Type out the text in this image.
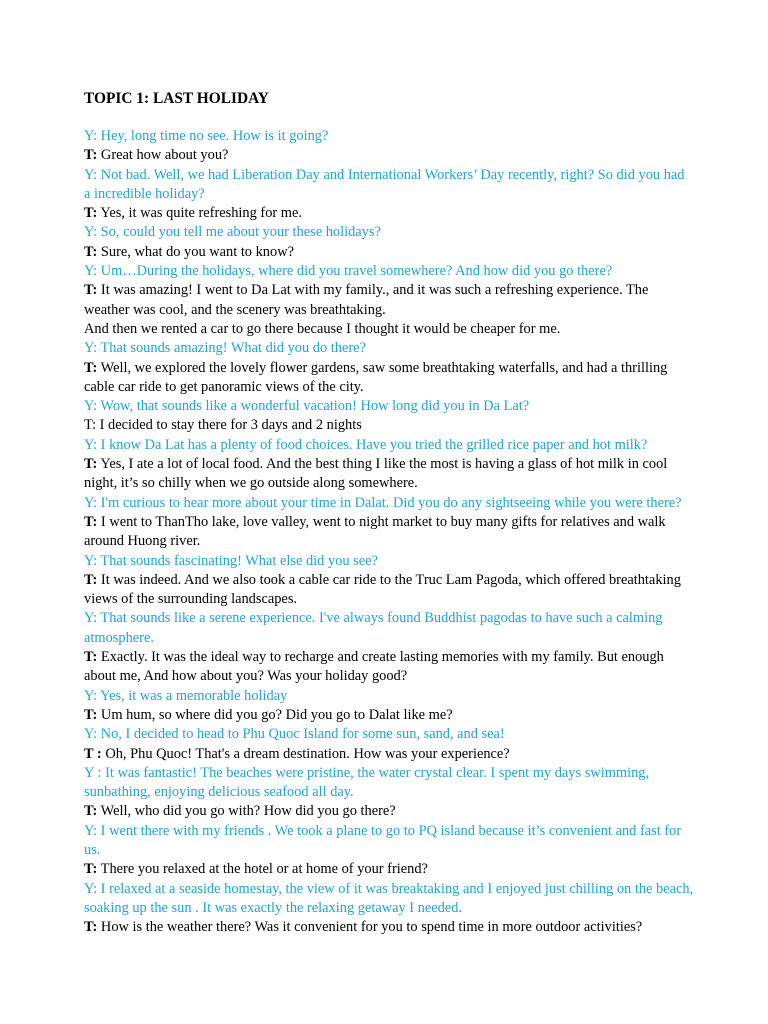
TOPIC 1: LAST HOLIDAY

Y: Hey, long time no see. How is it going?

T: Great how about you?

Y: Not bad. Well, we had Liberation Day and International Workers’ Day recently, right? So did you had a incredible holiday?

T: Yes, it was quite refreshing for me.

Y: So, could you tell me about your these holidays?

T: Sure, what do you want to know?

Y: Um…During the holidays, where did you travel somewhere? And how did you go there?

T: It was amazing! I went to Da Lat with my family., and it was such a refreshing experience. The weather was cool, and the scenery was breathtaking.

And then we rented a car to go there because I thought it would be cheaper for me.

Y: That sounds amazing! What did you do there?

T: Well, we explored the lovely flower gardens, saw some breathtaking waterfalls, and had a thrilling cable car ride to get panoramic views of the city.

Y: Wow, that sounds like a wonderful vacation! How long did you in Da Lat?

T: I decided to stay there for 3 days and 2 nights

Y: I know Da Lat has a plenty of food choices. Have you tried the grilled rice paper and hot milk?

T: Yes, I ate a lot of local food. And the best thing I like the most is having a glass of hot milk in cool night, it’s so chilly when we go outside along somewhere.

Y: I'm curious to hear more about your time in Dalat. Did you do any sightseeing while you were there?

T: I went to ThanTho lake, love valley, went to night market to buy many gifts for relatives and walk around Huong river.

Y: That sounds fascinating! What else did you see?

T: It was indeed. And we also took a cable car ride to the Truc Lam Pagoda, which offered breathtaking views of the surrounding landscapes.

Y: That sounds like a serene experience. I've always found Buddhist pagodas to have such a calming atmosphere.

T: Exactly. It was the ideal way to recharge and create lasting memories with my family. But enough about me, And how about you? Was your holiday good?

Y: Yes, it was a memorable holiday

T: Um hum, so where did you go? Did you go to Dalat like me?

Y: No, I decided to head to Phu Quoc Island for some sun, sand, and sea!

T : Oh, Phu Quoc! That's a dream destination. How was your experience?

Y : It was fantastic! The beaches were pristine, the water crystal clear. I spent my days swimming, sunbathing, enjoying delicious seafood all day.

T: Well, who did you go with? How did you go there?

Y: I went there with my friends . We took a plane to go to PQ island because it’s convenient and fast for us.

T: There you relaxed at the hotel or at home of your friend?

Y: I relaxed at a seaside homestay, the view of it was breaktaking and I enjoyed just chilling on the beach, soaking up the sun . It was exactly the relaxing getaway I needed.

T: How is the weather there? Was it convenient for you to spend time in more outdoor activities?
